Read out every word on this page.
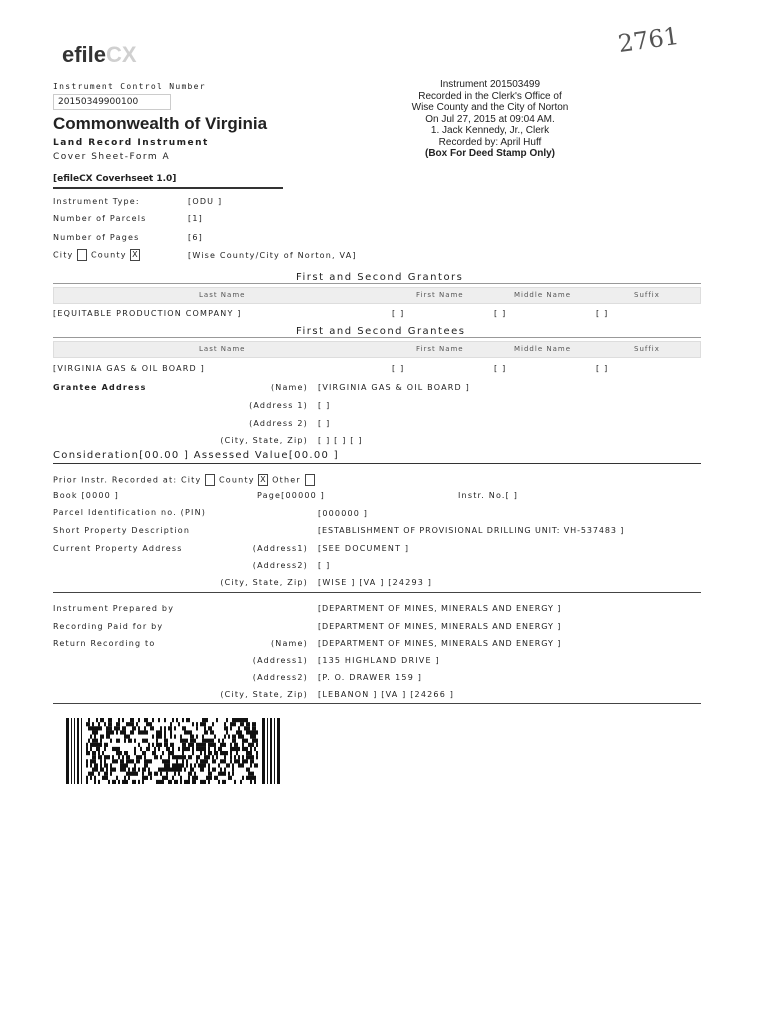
efileCX	2761
Instrument Control Number
20150349900100
Commonwealth of Virginia
Land Record Instrument
Cover Sheet-Form A
[efileCX Coverhseet 1.0]
Instrument 201503499
Recorded in the Clerk's Office of
Wise County and the City of Norton
On Jul 27, 2015 at 09:04 AM.
1. Jack Kennedy, Jr., Clerk
Recorded by: April Huff
(Box For Deed Stamp Only)
Instrument Type:	[ODU ]
Number of Parcels	[1]
Number of Pages	[6]
City County X	[Wise County/City of Norton, VA]
First and Second Grantors
Last Name	First Name	Middle Name	Suffix
[EQUITABLE PRODUCTION COMPANY ]	[ ]	[ ]	[ ]
First and Second Grantees
Last Name	First Name	Middle Name	Suffix
[VIRGINIA GAS & OIL BOARD ]	[ ]	[ ]	[ ]
Grantee Address	(Name) [VIRGINIA GAS & OIL BOARD ]
(Address 1) [ ]
(Address 2) [ ]
(City, State, Zip) [ ] [ ] [ ]
Consideration[00.00 ] Assessed Value[00.00 ]
Prior Instr. Recorded at: City County X Other
Book [0000 ]	Page[00000 ]	Instr. No.[ ]
Parcel Identification no. (PIN)	[000000 ]
Short Property Description	[ESTABLISHMENT OF PROVISIONAL DRILLING UNIT: VH-537483 ]
Current Property Address	(Address1) [SEE DOCUMENT ]
(Address2) [ ]
(City, State, Zip) [WISE ] [VA ] [24293 ]
Instrument Prepared by	[DEPARTMENT OF MINES, MINERALS AND ENERGY ]
Recording Paid for by	[DEPARTMENT OF MINES, MINERALS AND ENERGY ]
Return Recording to	(Name) [DEPARTMENT OF MINES, MINERALS AND ENERGY ]
(Address1) [135 HIGHLAND DRIVE ]
(Address2) [P. O. DRAWER 159 ]
(City, State, Zip) [LEBANON ] [VA ] [24266 ]
